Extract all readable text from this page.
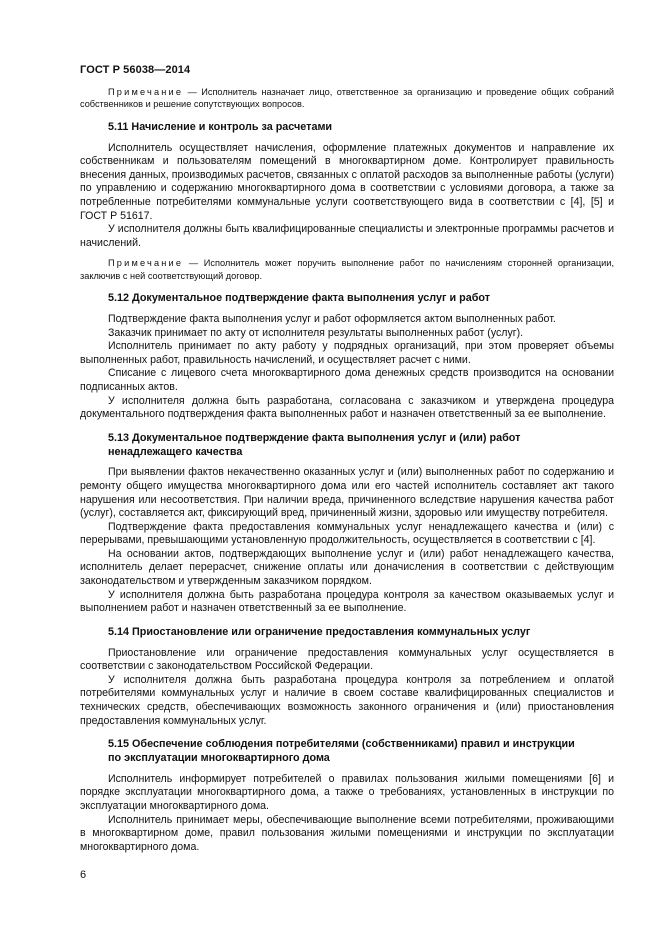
ГОСТ Р 56038—2014

Примечание — Исполнитель назначает лицо, ответственное за организацию и проведение общих собраний собственников и решение сопутствующих вопросов.

5.11 Начисление и контроль за расчетами

Исполнитель осуществляет начисления, оформление платежных документов и направление их собственникам и пользователям помещений в многоквартирном доме. Контролирует правильность внесения данных, производимых расчетов, связанных с оплатой расходов за выполненные работы (услуги) по управлению и содержанию многоквартирного дома в соответствии с условиями договора, а также за потребленные потребителями коммунальные услуги соответствующего вида в соответствии с [4], [5] и ГОСТ Р 51617.

У исполнителя должны быть квалифицированные специалисты и электронные программы расчетов и начислений.

Примечание — Исполнитель может поручить выполнение работ по начислениям сторонней организации, заключив с ней соответствующий договор.

5.12 Документальное подтверждение факта выполнения услуг и работ

Подтверждение факта выполнения услуг и работ оформляется актом выполненных работ.

Заказчик принимает по акту от исполнителя результаты выполненных работ (услуг).

Исполнитель принимает по акту работу у подрядных организаций, при этом проверяет объемы выполненных работ, правильность начислений, и осуществляет расчет с ними.

Списание с лицевого счета многоквартирного дома денежных средств производится на основании подписанных актов.

У исполнителя должна быть разработана, согласована с заказчиком и утверждена процедура документального подтверждения факта выполненных работ и назначен ответственный за ее выполнение.

5.13 Документальное подтверждение факта выполнения услуг и (или) работ
ненадлежащего качества

При выявлении фактов некачественно оказанных услуг и (или) выполненных работ по содержанию и ремонту общего имущества многоквартирного дома или его частей исполнитель составляет акт такого нарушения или несоответствия. При наличии вреда, причиненного вследствие нарушения качества работ (услуг), составляется акт, фиксирующий вред, причиненный жизни, здоровью или имуществу потребителя.

Подтверждение факта предоставления коммунальных услуг ненадлежащего качества и (или) с перерывами, превышающими установленную продолжительность, осуществляется в соответствии с [4].

На основании актов, подтверждающих выполнение услуг и (или) работ ненадлежащего качества, исполнитель делает перерасчет, снижение оплаты или доначисления в соответствии с действующим законодательством и утвержденным заказчиком порядком.

У исполнителя должна быть разработана процедура контроля за качеством оказываемых услуг и выполнением работ и назначен ответственный за ее выполнение.

5.14 Приостановление или ограничение предоставления коммунальных услуг

Приостановление или ограничение предоставления коммунальных услуг осуществляется в соответствии с законодательством Российской Федерации.

У исполнителя должна быть разработана процедура контроля за потреблением и оплатой потребителями коммунальных услуг и наличие в своем составе квалифицированных специалистов и технических средств, обеспечивающих возможность законного ограничения и (или) приостановления предоставления коммунальных услуг.

5.15 Обеспечение соблюдения потребителями (собственниками) правил и инструкции
по эксплуатации многоквартирного дома

Исполнитель информирует потребителей о правилах пользования жилыми помещениями [6] и порядке эксплуатации многоквартирного дома, а также о требованиях, установленных в инструкции по эксплуатации многоквартирного дома.

Исполнитель принимает меры, обеспечивающие выполнение всеми потребителями, проживающими в многоквартирном доме, правил пользования жилыми помещениями и инструкции по эксплуатации многоквартирного дома.

6
